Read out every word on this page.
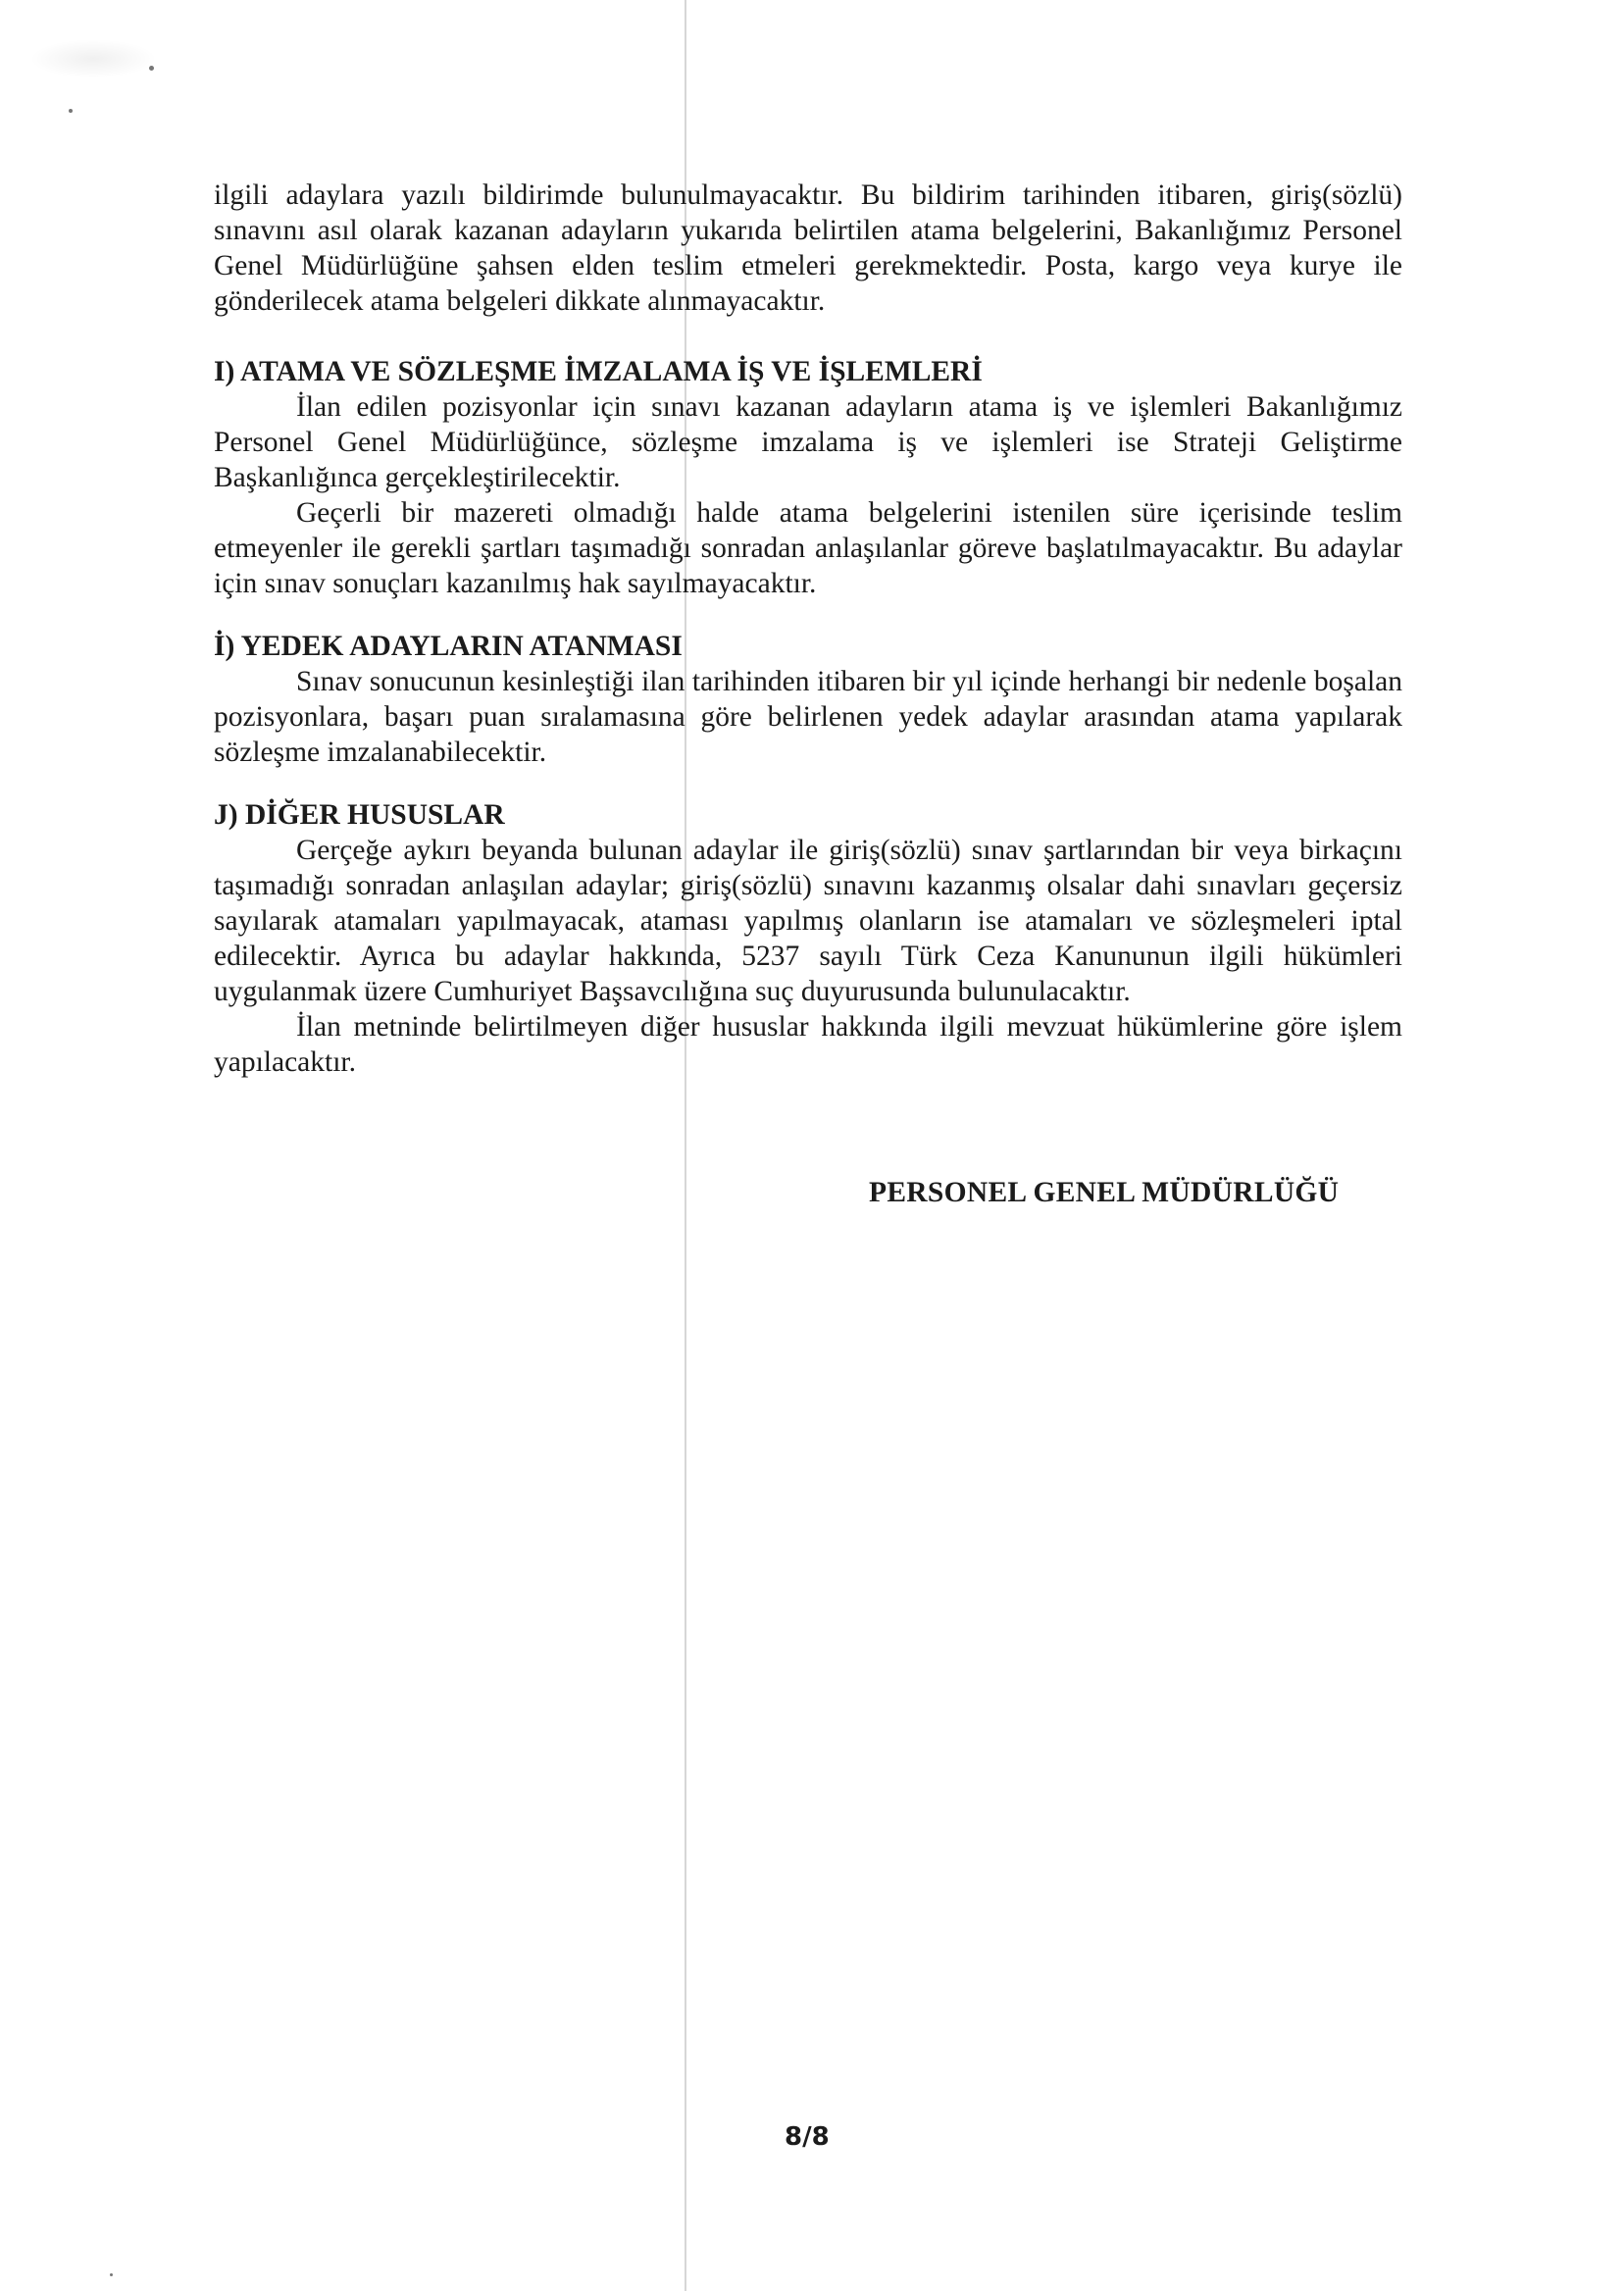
ilgili adaylara yazılı bildirimde bulunulmayacaktır. Bu bildirim tarihinden itibaren, giriş(sözlü) sınavını asıl olarak kazanan adayların yukarıda belirtilen atama belgelerini, Bakanlığımız Personel Genel Müdürlüğüne şahsen elden teslim etmeleri gerekmektedir. Posta, kargo veya kurye ile gönderilecek atama belgeleri dikkate alınmayacaktır.

I) ATAMA VE SÖZLEŞME İMZALAMA İŞ VE İŞLEMLERİ

İlan edilen pozisyonlar için sınavı kazanan adayların atama iş ve işlemleri Bakanlığımız Personel Genel Müdürlüğünce, sözleşme imzalama iş ve işlemleri ise Strateji Geliştirme Başkanlığınca gerçekleştirilecektir.

Geçerli bir mazereti olmadığı halde atama belgelerini istenilen süre içerisinde teslim etmeyenler ile gerekli şartları taşımadığı sonradan anlaşılanlar göreve başlatılmayacaktır. Bu adaylar için sınav sonuçları kazanılmış hak sayılmayacaktır.

İ) YEDEK ADAYLARIN ATANMASI

Sınav sonucunun kesinleştiği ilan tarihinden itibaren bir yıl içinde herhangi bir nedenle boşalan pozisyonlara, başarı puan sıralamasına göre belirlenen yedek adaylar arasından atama yapılarak sözleşme imzalanabilecektir.

J) DİĞER HUSUSLAR

Gerçeğe aykırı beyanda bulunan adaylar ile giriş(sözlü) sınav şartlarından bir veya birkaçını taşımadığı sonradan anlaşılan adaylar; giriş(sözlü) sınavını kazanmış olsalar dahi sınavları geçersiz sayılarak atamaları yapılmayacak, ataması yapılmış olanların ise atamaları ve sözleşmeleri iptal edilecektir. Ayrıca bu adaylar hakkında, 5237 sayılı Türk Ceza Kanununun ilgili hükümleri uygulanmak üzere Cumhuriyet Başsavcılığına suç duyurusunda bulunulacaktır.

İlan metninde belirtilmeyen diğer hususlar hakkında ilgili mevzuat hükümlerine göre işlem yapılacaktır.

PERSONEL GENEL MÜDÜRLÜĞÜ
8/8
